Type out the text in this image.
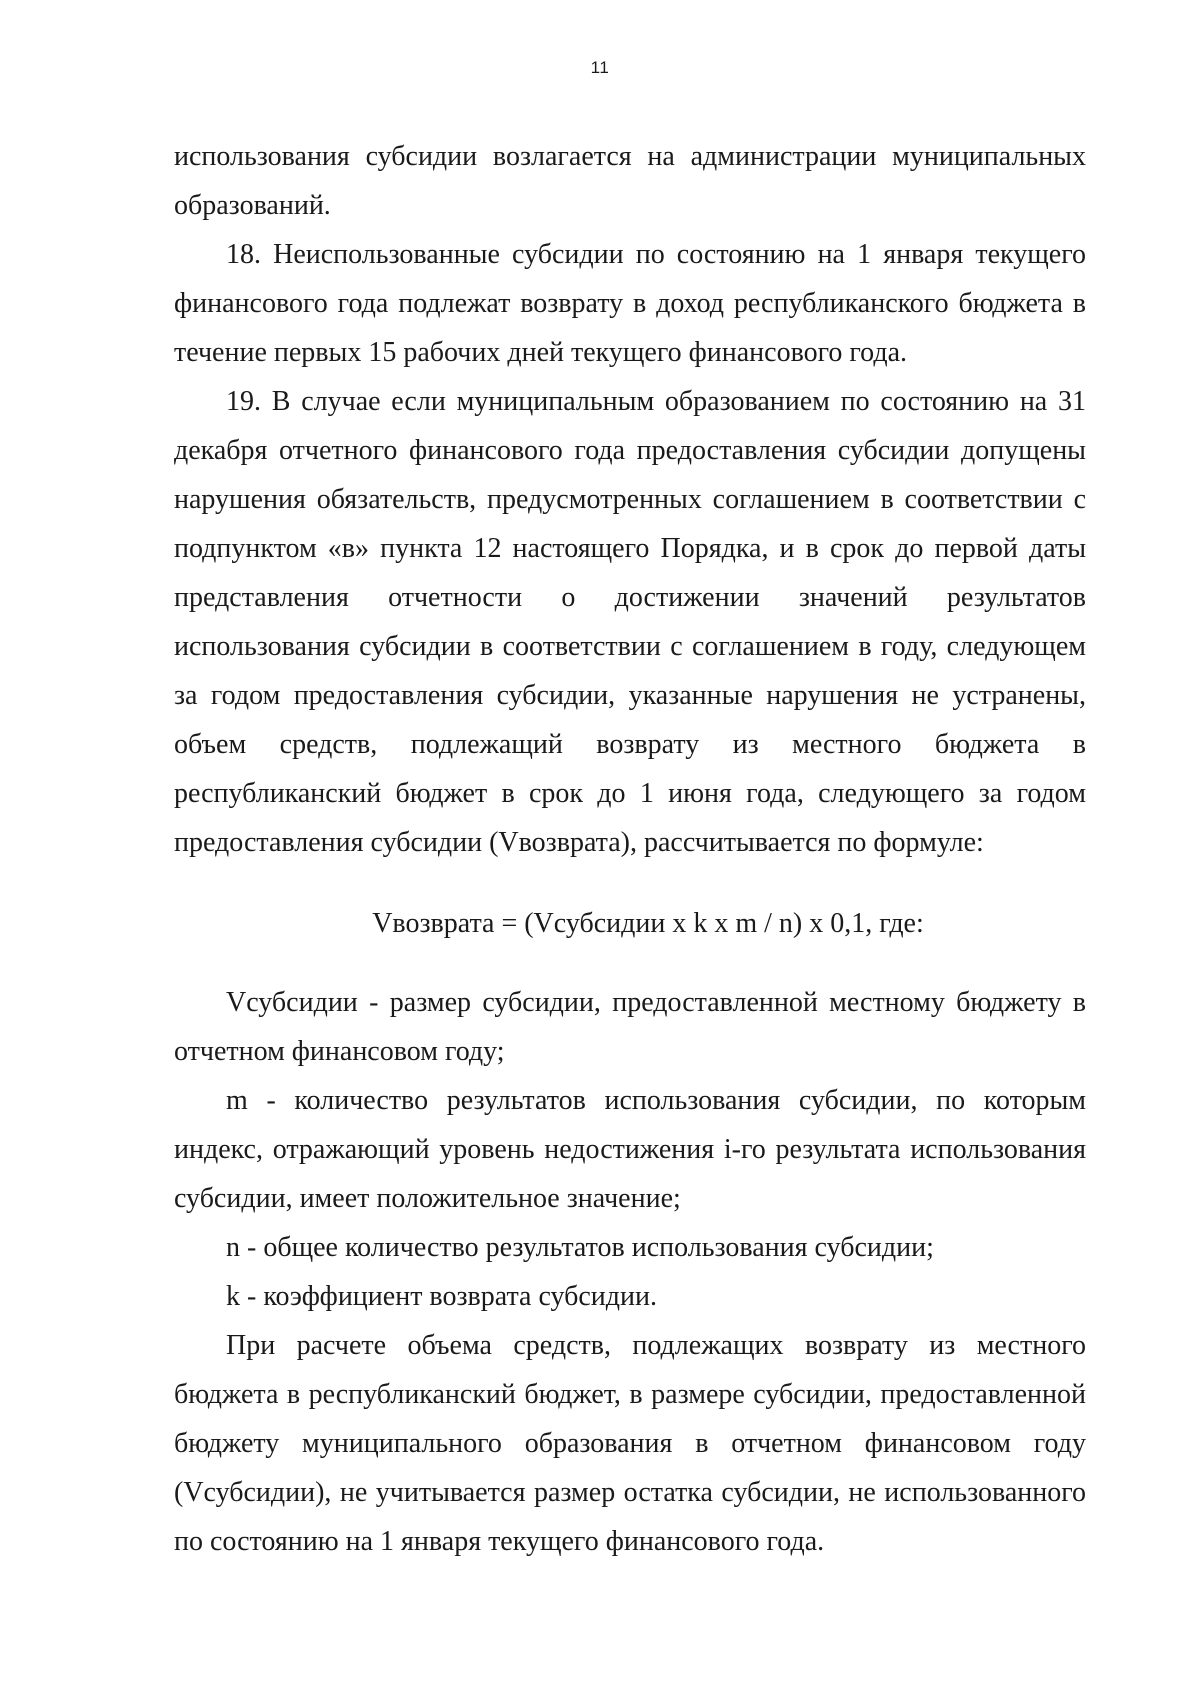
11

использования субсидии возлагается на администрации муниципальных образований.

18. Неиспользованные субсидии по состоянию на 1 января текущего финансового года подлежат возврату в доход республиканского бюджета в течение первых 15 рабочих дней текущего финансового года.

19. В случае если муниципальным образованием по состоянию на 31 декабря отчетного финансового года предоставления субсидии допущены нарушения обязательств, предусмотренных соглашением в соответствии с подпунктом «в» пункта 12 настоящего Порядка, и в срок до первой даты представления отчетности о достижении значений результатов использования субсидии в соответствии с соглашением в году, следующем за годом предоставления субсидии, указанные нарушения не устранены, объем средств, подлежащий возврату из местного бюджета в республиканский бюджет в срок до 1 июня года, следующего за годом предоставления субсидии (Vвозврата), рассчитывается по формуле:

Vвозврата = (Vсубсидии x k x m / n) x 0,1, где:

Vсубсидии - размер субсидии, предоставленной местному бюджету в отчетном финансовом году;

m - количество результатов использования субсидии, по которым индекс, отражающий уровень недостижения i-го результата использования субсидии, имеет положительное значение;

n - общее количество результатов использования субсидии;

k - коэффициент возврата субсидии.

При расчете объема средств, подлежащих возврату из местного бюджета в республиканский бюджет, в размере субсидии, предоставленной бюджету муниципального образования в отчетном финансовом году (Vсубсидии), не учитывается размер остатка субсидии, не использованного по состоянию на 1 января текущего финансового года.
